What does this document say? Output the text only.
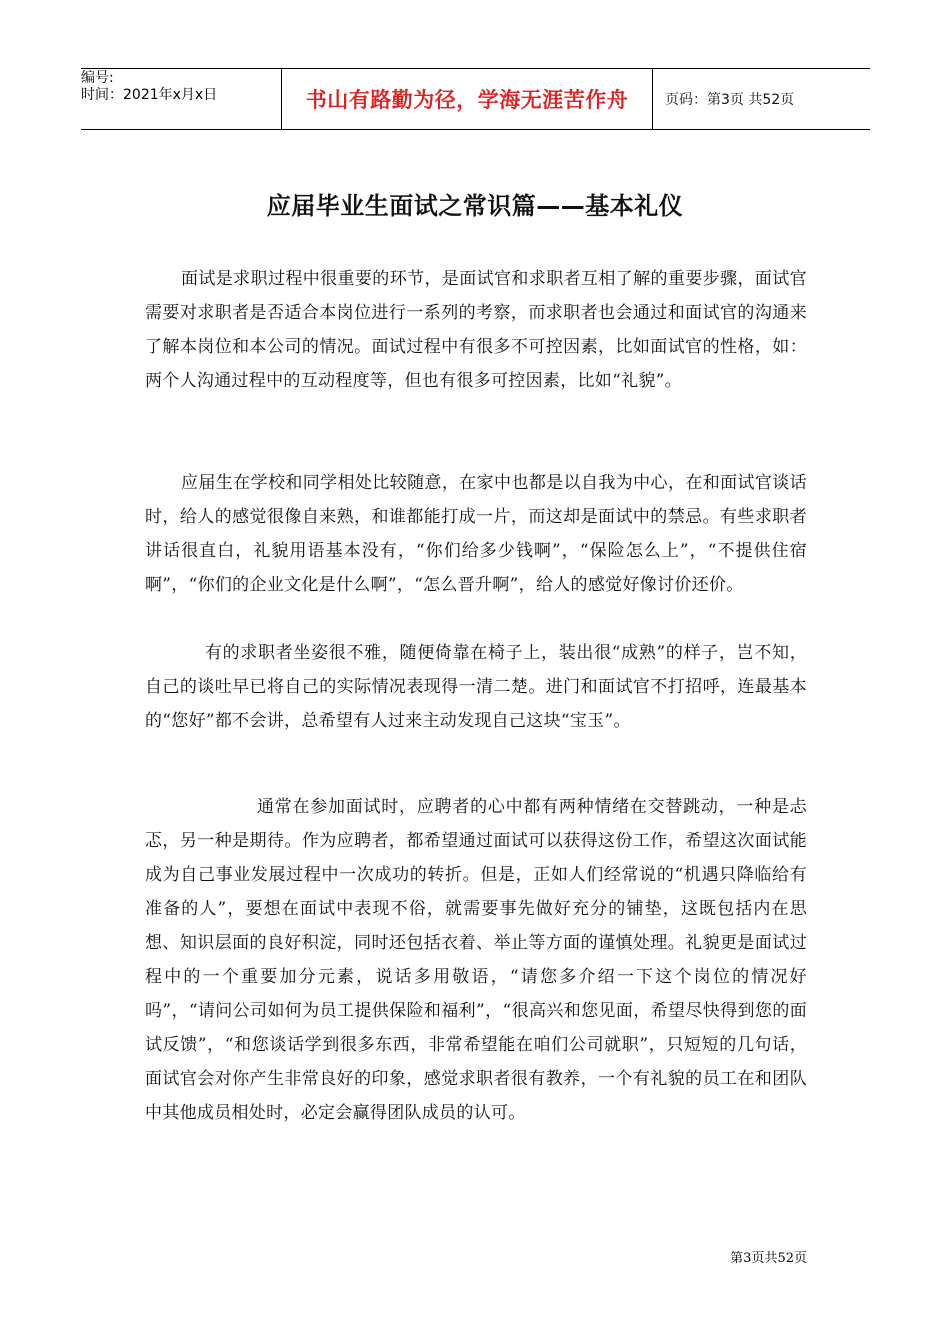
编号:
时间：2021年x月x日	书山有路勤为径，学海无涯苦作舟	页码：第3页 共52页
应届毕业生面试之常识篇——基本礼仪

面试是求职过程中很重要的环节，是面试官和求职者互相了解的重要步骤，面试官需要对求职者是否适合本岗位进行一系列的考察，而求职者也会通过和面试官的沟通来了解本岗位和本公司的情况。面试过程中有很多不可控因素，比如面试官的性格，如：两个人沟通过程中的互动程度等，但也有很多可控因素，比如“礼貌”。

应届生在学校和同学相处比较随意，在家中也都是以自我为中心，在和面试官谈话时，给人的感觉很像自来熟，和谁都能打成一片，而这却是面试中的禁忌。有些求职者讲话很直白，礼貌用语基本没有，“你们给多少钱啊”，“保险怎么上”，“不提供住宿啊”，“你们的企业文化是什么啊”，“怎么晋升啊”，给人的感觉好像讨价还价。

有的求职者坐姿很不雅，随便倚靠在椅子上，装出很“成熟”的样子，岂不知，自己的谈吐早已将自己的实际情况表现得一清二楚。进门和面试官不打招呼，连最基本的“您好”都不会讲，总希望有人过来主动发现自己这块“宝玉”。

通常在参加面试时，应聘者的心中都有两种情绪在交替跳动，一种是忐忑，另一种是期待。作为应聘者，都希望通过面试可以获得这份工作，希望这次面试能成为自己事业发展过程中一次成功的转折。但是，正如人们经常说的“机遇只降临给有准备的人”，要想在面试中表现不俗，就需要事先做好充分的铺垫，这既包括内在思想、知识层面的良好积淀，同时还包括衣着、举止等方面的谨慎处理。礼貌更是面试过程中的一个重要加分元素，说话多用敬语，“请您多介绍一下这个岗位的情况好吗”，“请问公司如何为员工提供保险和福利”，“很高兴和您见面，希望尽快得到您的面试反馈”，“和您谈话学到很多东西，非常希望能在咱们公司就职”，只短短的几句话，面试官会对你产生非常良好的印象，感觉求职者很有教养，一个有礼貌的员工在和团队中其他成员相处时，必定会赢得团队成员的认可。

第3页共52页
